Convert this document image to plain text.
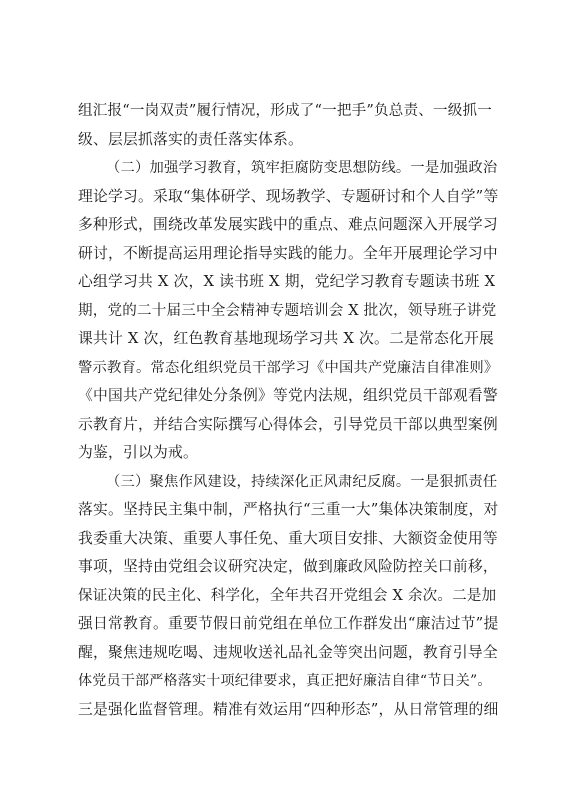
组汇报“一岗双责”履行情况，形成了“一把手”负总责、一级抓一
级、层层抓落实的责任落实体系。
（二）加强学习教育，筑牢拒腐防变思想防线。一是加强政治
理论学习。采取“集体研学、现场教学、专题研讨和个人自学”等
多种形式，围绕改革发展实践中的重点、难点问题深入开展学习
研讨，不断提高运用理论指导实践的能力。全年开展理论学习中
心组学习共 X 次，X 读书班 X 期，党纪学习教育专题读书班 X
期，党的二十届三中全会精神专题培训会 X 批次，领导班子讲党
课共计 X 次，红色教育基地现场学习共 X 次。二是常态化开展
警示教育。常态化组织党员干部学习《中国共产党廉洁自律准则》
《中国共产党纪律处分条例》等党内法规，组织党员干部观看警
示教育片，并结合实际撰写心得体会，引导党员干部以典型案例
为鉴，引以为戒。
（三）聚焦作风建设，持续深化正风肃纪反腐。一是狠抓责任
落实。坚持民主集中制，严格执行“三重一大”集体决策制度，对
我委重大决策、重要人事任免、重大项目安排、大额资金使用等
事项，坚持由党组会议研究决定，做到廉政风险防控关口前移，
保证决策的民主化、科学化，全年共召开党组会 X 余次。二是加
强日常教育。重要节假日前党组在单位工作群发出“廉洁过节”提
醒，聚焦违规吃喝、违规收送礼品礼金等突出问题，教育引导全
体党员干部严格落实十项纪律要求，真正把好廉洁自律“节日关”。
三是强化监督管理。精准有效运用“四种形态”，从日常管理的细
